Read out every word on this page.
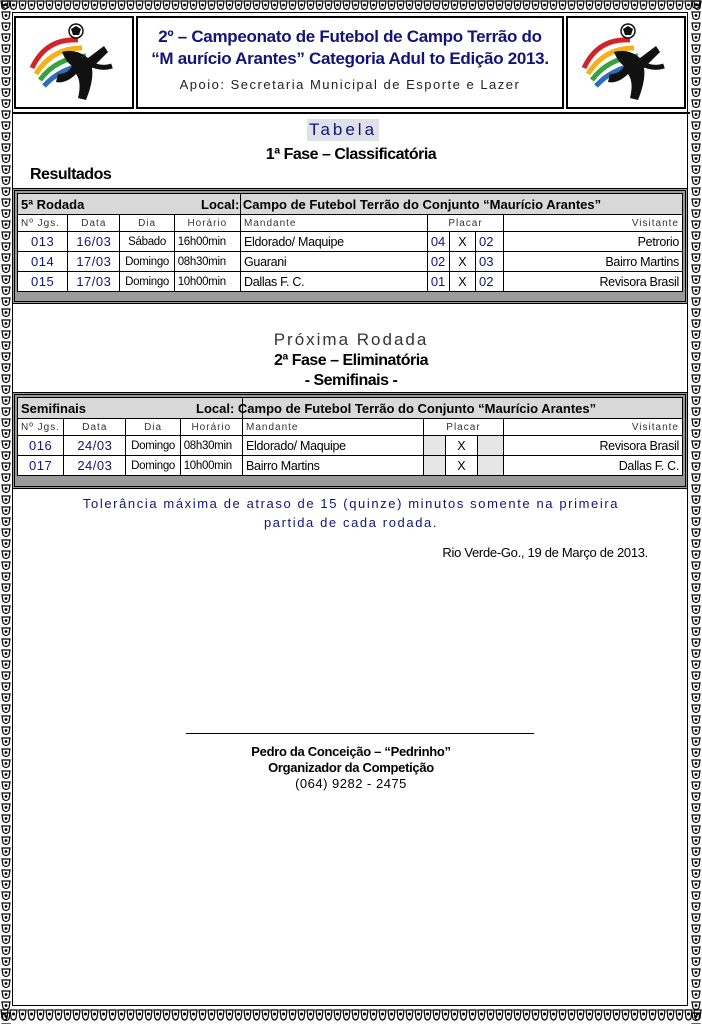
2º – Campeonato de Futebol de Campo Terrão do
“M aurício Arantes” Categoria Adul to Edição 2013.
Apoio: Secretaria Municipal de Esporte e Lazer
Tabela
1ª Fase – Classificatória
Resultados
5ª Rodada				Local: Campo de Futebol Terrão do Conjunto “Maurício Arantes”				
Nº Jgs.	Data	Dia	Horário	Mandante	Placar			Visitante
013	16/03	Sábado	16h00min	Eldorado/ Maquipe	04	X	02	Petrorio
014	17/03	Domingo	08h30min	Guarani	02	X	03	Bairro Martins
015	17/03	Domingo	10h00min	Dallas F. C.	01	X	02	Revisora Brasil
Próxima Rodada
2ª Fase – Eliminatória
- Semifinais -
Semifinais				Local: Campo de Futebol Terrão do Conjunto “Maurício Arantes”				
Nº Jgs.	Data	Dia	Horário	Mandante	Placar			Visitante
016	24/03	Domingo	08h30min	Eldorado/ Maquipe		X		Revisora Brasil
017	24/03	Domingo	10h00min	Bairro Martins		X		Dallas F. C.
Tolerância máxima de atraso de 15 (quinze) minutos somente na primeira
partida de cada rodada.
Rio Verde-Go., 19 de Março de 2013.
Pedro da Conceição – “Pedrinho”
Organizador da Competição
(064) 9282 - 2475
